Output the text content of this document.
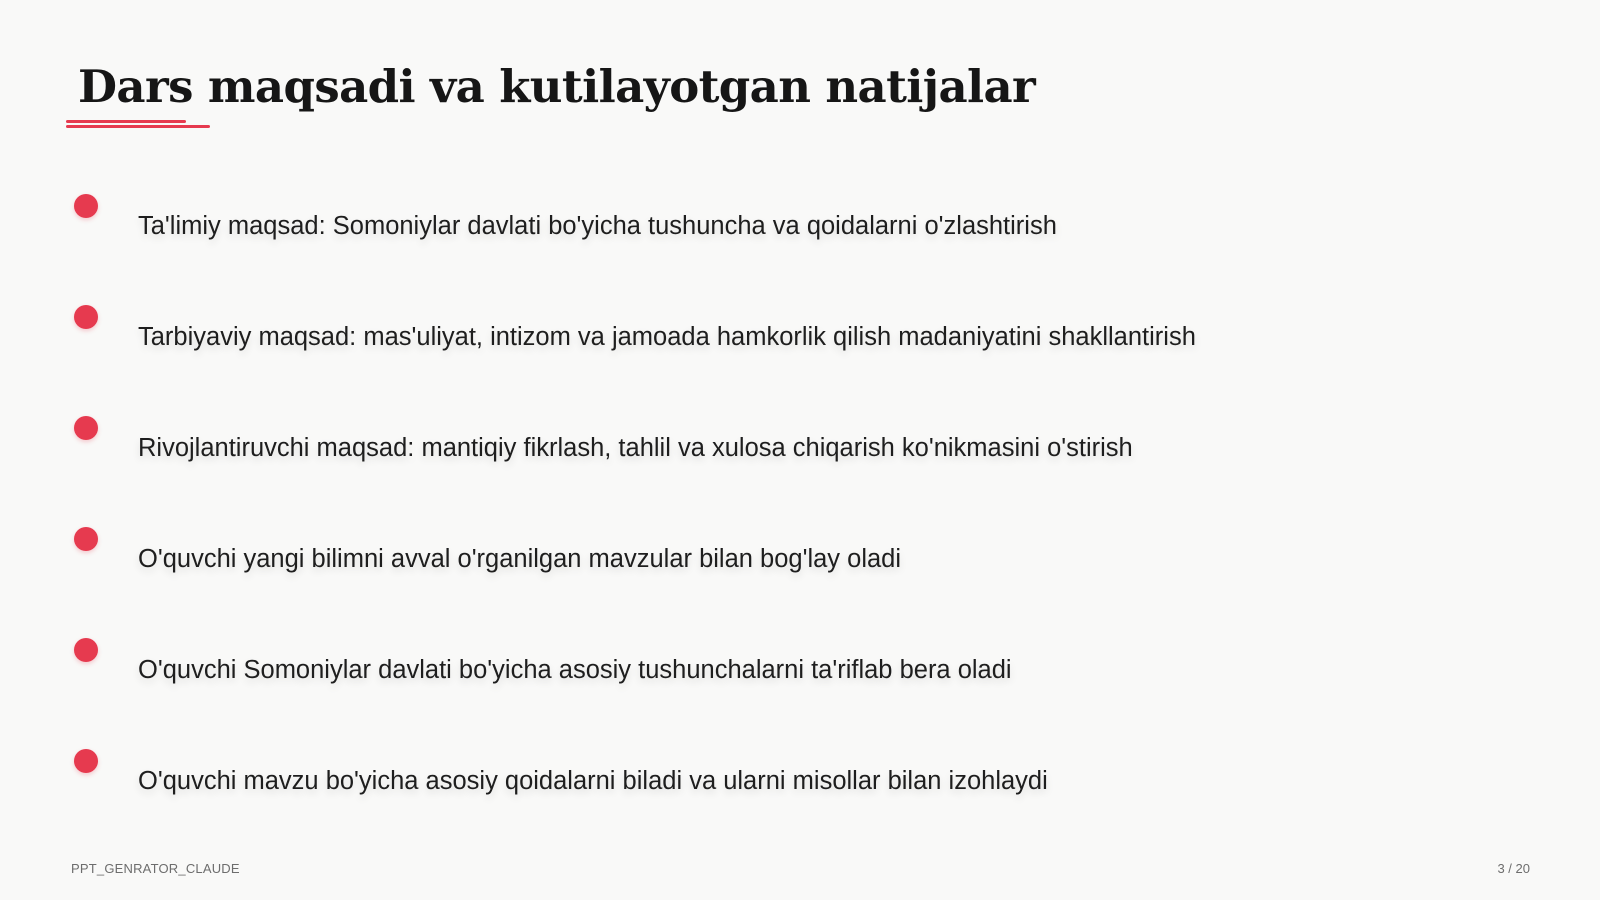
Dars maqsadi va kutilayotgan natijalar
Ta'limiy maqsad: Somoniylar davlati bo'yicha tushuncha va qoidalarni o'zlashtirish
Tarbiyaviy maqsad: mas'uliyat, intizom va jamoada hamkorlik qilish madaniyatini shakllantirish
Rivojlantiruvchi maqsad: mantiqiy fikrlash, tahlil va xulosa chiqarish ko'nikmasini o'stirish
O'quvchi yangi bilimni avval o'rganilgan mavzular bilan bog'lay oladi
O'quvchi Somoniylar davlati bo'yicha asosiy tushunchalarni ta'riflab bera oladi
O'quvchi mavzu bo'yicha asosiy qoidalarni biladi va ularni misollar bilan izohlaydi
PPT_GENRATOR_CLAUDE	3 / 20
